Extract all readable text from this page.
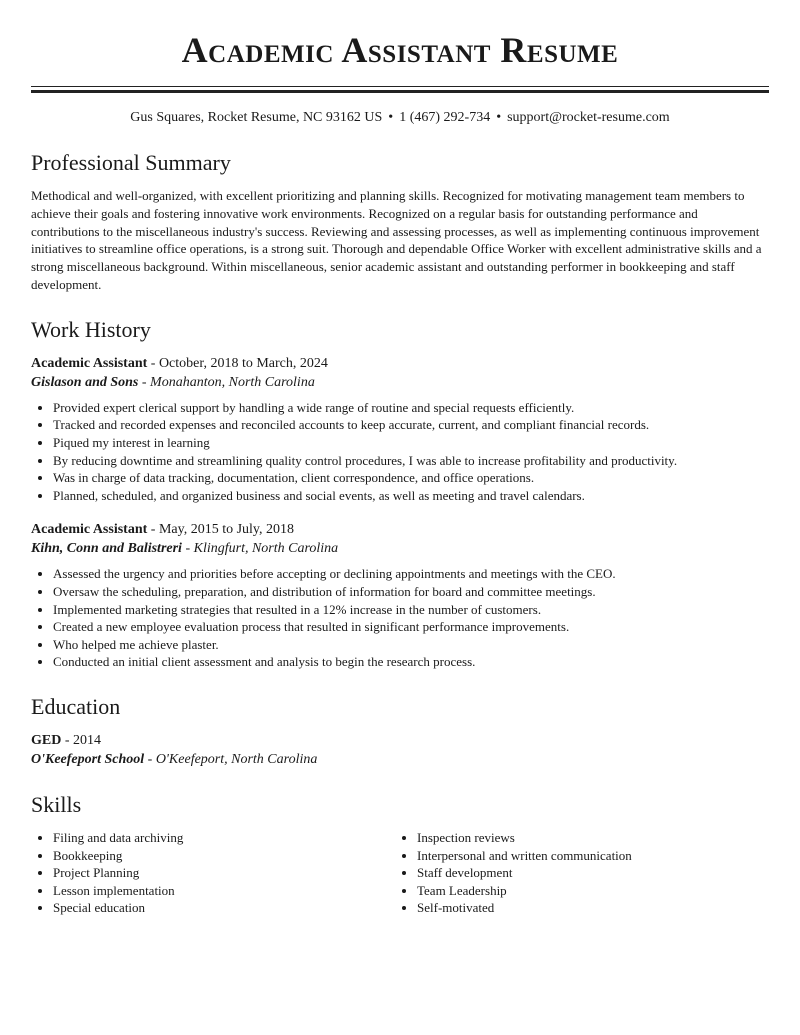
Academic Assistant Resume
Gus Squares, Rocket Resume, NC 93162 US • 1 (467) 292-734 • support@rocket-resume.com
Professional Summary

Methodical and well-organized, with excellent prioritizing and planning skills. Recognized for motivating management team members to achieve their goals and fostering innovative work environments. Recognized on a regular basis for outstanding performance and contributions to the miscellaneous industry's success. Reviewing and assessing processes, as well as implementing continuous improvement initiatives to streamline office operations, is a strong suit. Thorough and dependable Office Worker with excellent administrative skills and a strong miscellaneous background. Within miscellaneous, senior academic assistant and outstanding performer in bookkeeping and staff development.

Work History
Academic Assistant - October, 2018 to March, 2024
Gislason and Sons - Monahanton, North Carolina
• Provided expert clerical support by handling a wide range of routine and special requests efficiently.
• Tracked and recorded expenses and reconciled accounts to keep accurate, current, and compliant financial records.
• Piqued my interest in learning
• By reducing downtime and streamlining quality control procedures, I was able to increase profitability and productivity.
• Was in charge of data tracking, documentation, client correspondence, and office operations.
• Planned, scheduled, and organized business and social events, as well as meeting and travel calendars.
Academic Assistant - May, 2015 to July, 2018
Kihn, Conn and Balistreri - Klingfurt, North Carolina
• Assessed the urgency and priorities before accepting or declining appointments and meetings with the CEO.
• Oversaw the scheduling, preparation, and distribution of information for board and committee meetings.
• Implemented marketing strategies that resulted in a 12% increase in the number of customers.
• Created a new employee evaluation process that resulted in significant performance improvements.
• Who helped me achieve plaster.
• Conducted an initial client assessment and analysis to begin the research process.
Education
GED - 2014
O'Keefeport School - O'Keefeport, North Carolina
Skills
• Filing and data archiving
• Bookkeeping
• Project Planning
• Lesson implementation
• Special education
• Inspection reviews
• Interpersonal and written communication
• Staff development
• Team Leadership
• Self-motivated
